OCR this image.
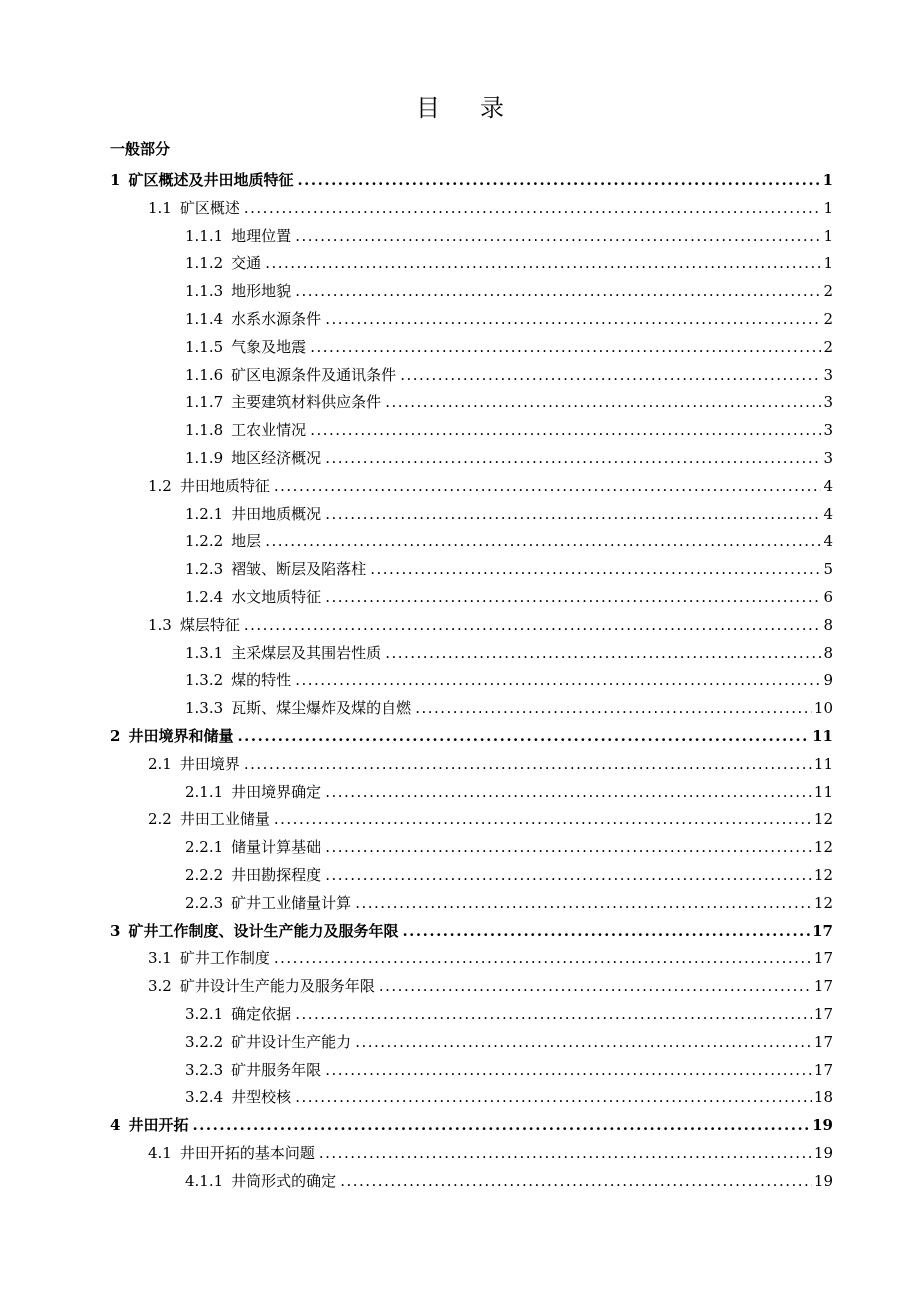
目录
一般部分
1 矿区概述及井田地质特征 .....	1
1.1 矿区概述 .....	1
1.1.1 地理位置 .....	1
1.1.2 交通 .....	1
1.1.3 地形地貌 .....	2
1.1.4 水系水源条件 .....	2
1.1.5 气象及地震 .....	2
1.1.6 矿区电源条件及通讯条件 .....	3
1.1.7 主要建筑材料供应条件 .....	3
1.1.8 工农业情况 .....	3
1.1.9 地区经济概况 .....	3
1.2 井田地质特征 .....	4
1.2.1 井田地质概况 .....	4
1.2.2 地层 .....	4
1.2.3 褶皱、断层及陷落柱 .....	5
1.2.4 水文地质特征 .....	6
1.3 煤层特征 .....	8
1.3.1 主采煤层及其围岩性质 .....	8
1.3.2 煤的特性 .....	9
1.3.3 瓦斯、煤尘爆炸及煤的自燃 .....	10
2 井田境界和储量 .....	11
2.1 井田境界 .....	11
2.1.1 井田境界确定 .....	11
2.2 井田工业储量 .....	12
2.2.1 储量计算基础 .....	12
2.2.2 井田勘探程度 .....	12
2.2.3 矿井工业储量计算 .....	12
3 矿井工作制度、设计生产能力及服务年限 .....	17
3.1 矿井工作制度 .....	17
3.2 矿井设计生产能力及服务年限 .....	17
3.2.1 确定依据 .....	17
3.2.2 矿井设计生产能力 .....	17
3.2.3 矿井服务年限 .....	17
3.2.4 井型校核 .....	18
4 井田开拓 .....	19
4.1 井田开拓的基本问题 .....	19
4.1.1 井筒形式的确定 .....	19
